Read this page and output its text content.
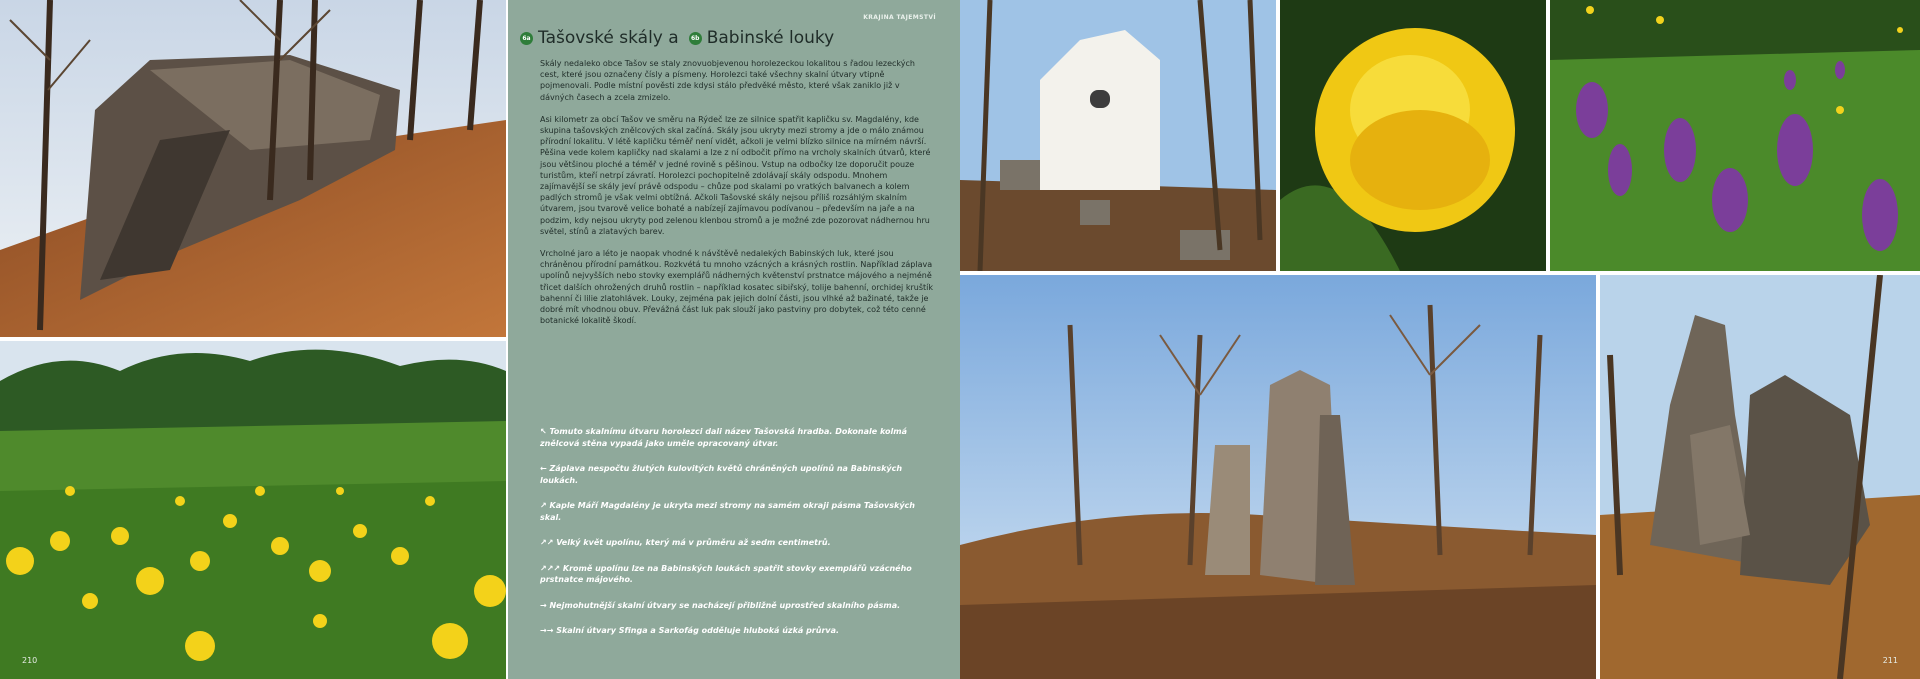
KRAJINA TAJEMSTVÍ
6a Tašovské skály a	6b Babinské louky

Skály nedaleko obce Tašov se staly znovuobjevenou horolezeckou lokalitou s řadou lezeckých cest, které jsou označeny čísly a písmeny. Horolezci také všechny skalní útvary vtipně pojmenovali. Podle místní pověsti zde kdysi stálo předvěké město, které však zaniklo již v dávných časech a zcela zmizelo.

Asi kilometr za obcí Tašov ve směru na Rýdeč lze ze silnice spatřit kapličku sv. Magdalény, kde skupina tašovských znělcových skal začíná. Skály jsou ukryty mezi stromy a jde o málo známou přírodní lokalitu. V létě kapličku téměř není vidět, ačkoli je velmi blízko silnice na mírném návrší. Pěšina vede kolem kapličky nad skalami a lze z ní odbočit přímo na vrcholy skalních útvarů, které jsou většinou ploché a téměř v jedné rovině s pěšinou. Vstup na odbočky lze doporučit pouze turistům, kteří netrpí závratí. Horolezci pochopitelně zdolávají skály odspodu. Mnohem zajímavější se skály jeví právě odspodu – chůze pod skalami po vratkých balvanech a kolem padlých stromů je však velmi obtížná. Ačkoli Tašovské skály nejsou příliš rozsáhlým skalním útvarem, jsou tvarově velice bohaté a nabízejí zajímavou podívanou – především na jaře a na podzim, kdy nejsou ukryty pod zelenou klenbou stromů a je možné zde pozorovat nádhernou hru světel, stínů a zlatavých barev.

Vrcholné jaro a léto je naopak vhodné k návštěvě nedalekých Babinských luk, které jsou chráněnou přírodní památkou. Rozkvétá tu mnoho vzácných a krásných rostlin. Například záplava upolínů nejvyšších nebo stovky exemplářů nádherných květenství prstnatce májového a nejméně třicet dalších ohrožených druhů rostlin – například kosatec sibiřský, tolije bahenní, orchidej kruštík bahenní či lilie zlatohlávek. Louky, zejména pak jejich dolní části, jsou vlhké až bažinaté, takže je dobré mít vhodnou obuv. Převážná část luk pak slouží jako pastviny pro dobytek, což této cenné botanické lokalitě škodí.

↖ Tomuto skalnímu útvaru horolezci dali název Tašovská hradba. Dokonale kolmá znělcová stěna vypadá jako uměle opracovaný útvar.
← Záplava nespočtu žlutých kulovitých květů chráněných upolínů na Babinských loukách.
↗ Kaple Máří Magdalény je ukryta mezi stromy na samém okraji pásma Tašovských skal.
↗↗ Velký květ upolínu, který má v průměru až sedm centimetrů.
↗↗↗ Kromě upolínu lze na Babinských loukách spatřit stovky exemplářů vzácného prstnatce májového.
→ Nejmohutnější skalní útvary se nacházejí přibližně uprostřed skalního pásma.
→→ Skalní útvary Sfinga a Sarkofág odděluje hluboká úzká průrva.
210	211
